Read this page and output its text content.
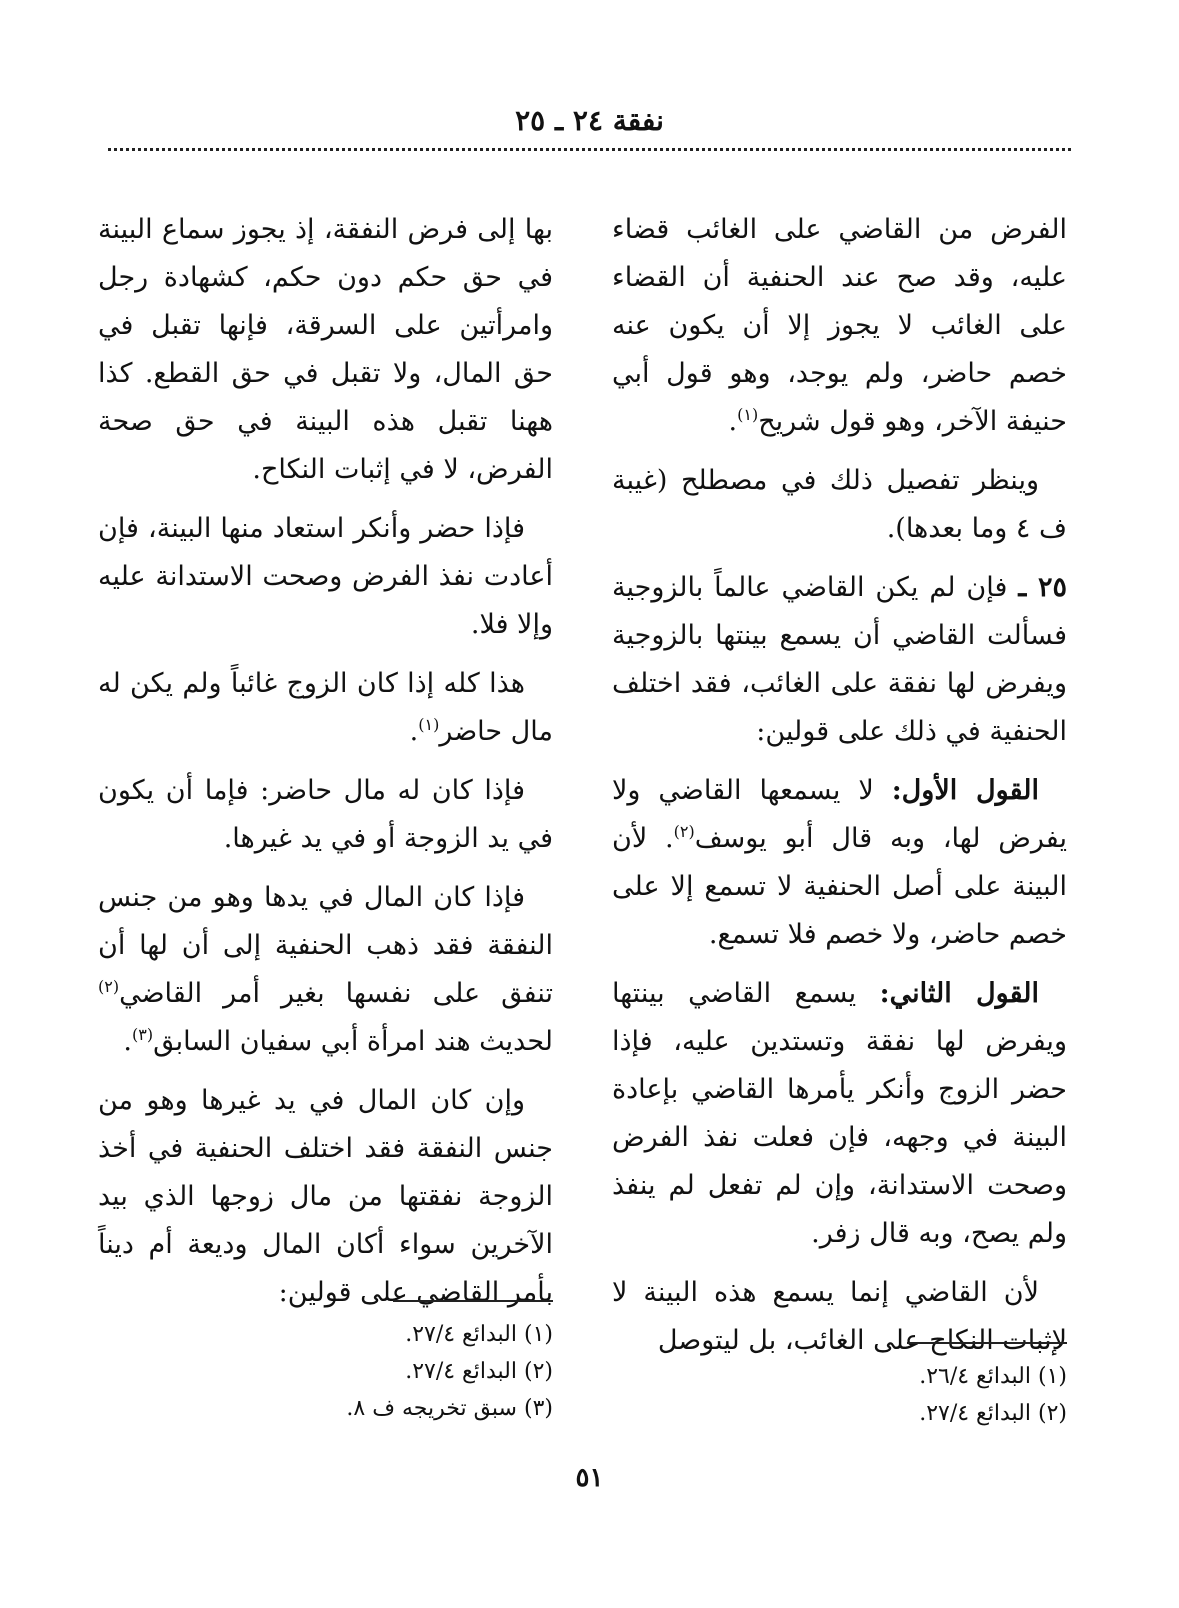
نفقة ٢٤ ـ ٢٥

الفرض من القاضي على الغائب قضاء عليه، وقد صح عند الحنفية أن القضاء على الغائب لا يجوز إلا أن يكون عنه خصم حاضر، ولم يوجد، وهو قول أبي حنيفة الآخر، وهو قول شريح$^{(١)}$.

وينظر تفصيل ذلك في مصطلح (غيبة ف ٤ وما بعدها).

٢٥ ـ فإن لم يكن القاضي عالماً بالزوجية فسألت القاضي أن يسمع بينتها بالزوجية ويفرض لها نفقة على الغائب، فقد اختلف الحنفية في ذلك على قولين:

القول الأول: لا يسمعها القاضي ولا يفرض لها، وبه قال أبو يوسف$^{(٢)}$. لأن البينة على أصل الحنفية لا تسمع إلا على خصم حاضر، ولا خصم فلا تسمع.

القول الثاني: يسمع القاضي بينتها ويفرض لها نفقة وتستدين عليه، فإذا حضر الزوج وأنكر يأمرها القاضي بإعادة البينة في وجهه، فإن فعلت نفذ الفرض وصحت الاستدانة، وإن لم تفعل لم ينفذ ولم يصح، وبه قال زفر.

لأن القاضي إنما يسمع هذه البينة لا لإثبات النكاح على الغائب، بل ليتوصل

بها إلى فرض النفقة، إذ يجوز سماع البينة في حق حكم دون حكم، كشهادة رجل وامرأتين على السرقة، فإنها تقبل في حق المال، ولا تقبل في حق القطع. كذا ههنا تقبل هذه البينة في حق صحة الفرض، لا في إثبات النكاح.

فإذا حضر وأنكر استعاد منها البينة، فإن أعادت نفذ الفرض وصحت الاستدانة عليه وإلا فلا.

هذا كله إذا كان الزوج غائباً ولم يكن له مال حاضر$^{(١)}$.

فإذا كان له مال حاضر: فإما أن يكون في يد الزوجة أو في يد غيرها.

فإذا كان المال في يدها وهو من جنس النفقة فقد ذهب الحنفية إلى أن لها أن تنفق على نفسها بغير أمر القاضي$^{(٢)}$ لحديث هند امرأة أبي سفيان السابق$^{(٣)}$.

وإن كان المال في يد غيرها وهو من جنس النفقة فقد اختلف الحنفية في أخذ الزوجة نفقتها من مال زوجها الذي بيد الآخرين سواء أكان المال وديعة أم ديناً بأمر القاضي على قولين:

(١) البدائع ٢٦/٤.
(٢) البدائع ٢٧/٤.
(١) البدائع ٢٧/٤.
(٢) البدائع ٢٧/٤.
(٣) سبق تخريجه ف ٨.
٥١
